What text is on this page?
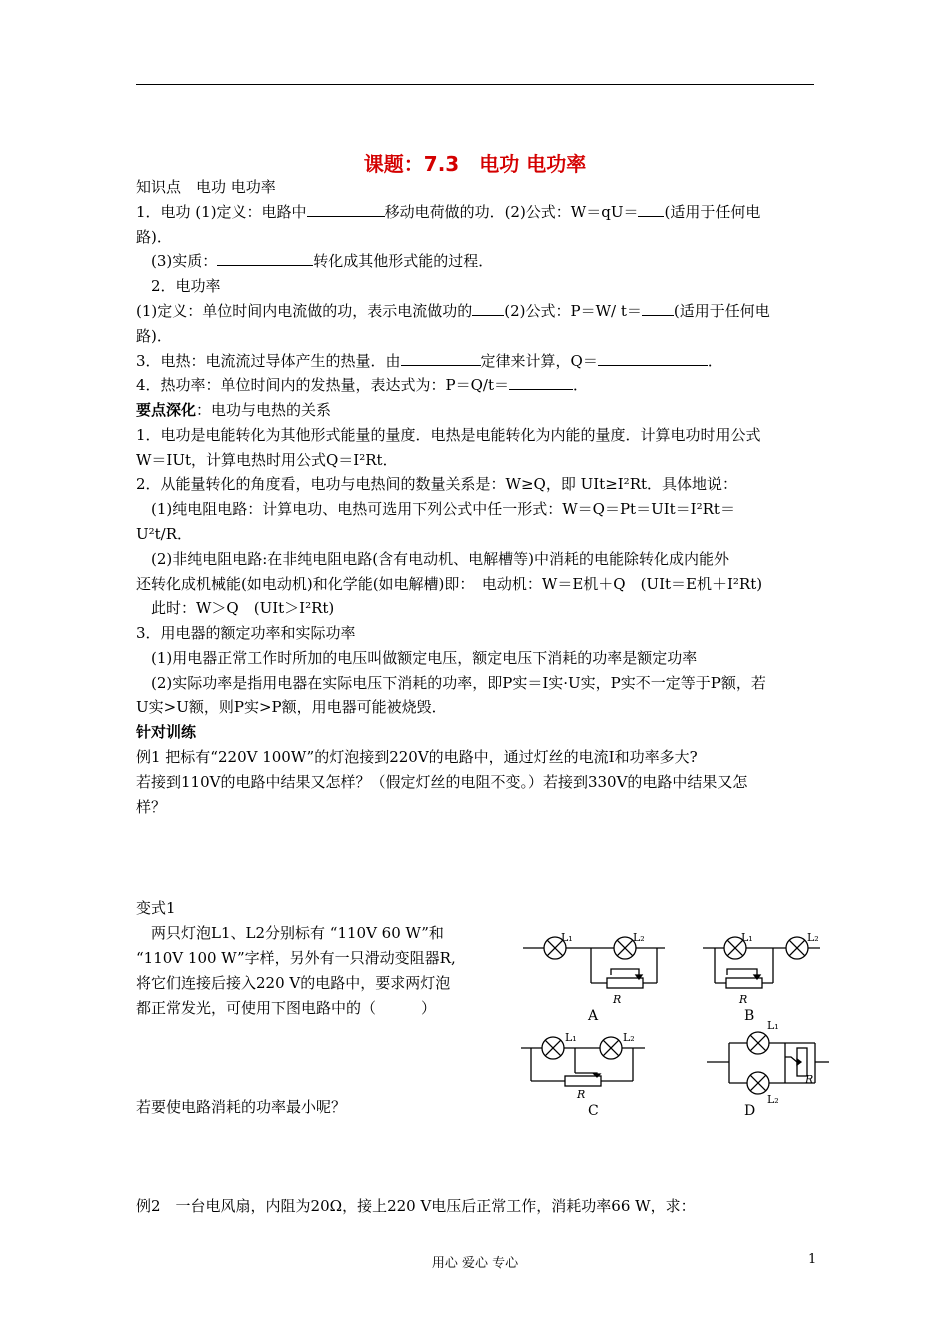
课题：7.3　电功 电功率
知识点　电功 电功率
1．电功 (1)定义：电路中	移动电荷做的功．(2)公式：W＝qU＝ (适用于任何电
路)．
　(3)实质：	转化成其他形式能的过程．
　2．电功率
(1)定义：单位时间内电流做的功，表示电流做功的 (2)公式：P＝W/ t＝ (适用于任何电
路)．
3．电热：电流流过导体产生的热量．由	定律来计算，Q＝	．
4．热功率：单位时间内的发热量，表达式为：P＝Q/t＝	．
要点深化：电功与电热的关系
1．电功是电能转化为其他形式能量的量度．电热是电能转化为内能的量度．计算电功时用公式
W＝IUt，计算电热时用公式Q＝I²Rt．
2．从能量转化的角度看，电功与电热间的数量关系是：W≥Q，即 UIt≥I²Rt．具体地说：
　(1)纯电阻电路：计算电功、电热可选用下列公式中任一形式：W＝Q＝Pt＝UIt＝I²Rt＝
U²t/R．
　(2)非纯电阻电路:在非纯电阻电路(含有电动机、电解槽等)中消耗的电能除转化成内能外
还转化成机械能(如电动机)和化学能(如电解槽)即：　电动机：W＝E机＋Q　(UIt＝E机＋I²Rt)
　此时：W＞Q　(UIt＞I²Rt)
3．用电器的额定功率和实际功率
　(1)用电器正常工作时所加的电压叫做额定电压，额定电压下消耗的功率是额定功率
　(2)实际功率是指用电器在实际电压下消耗的功率，即P实＝I实·U实，P实不一定等于P额，若
U实>U额，则P实>P额，用电器可能被烧毁．
针对训练
例1 把标有“220V 100W”的灯泡接到220V的电路中，通过灯丝的电流I和功率多大?
若接到110V的电路中结果又怎样？（假定灯丝的电阻不变。）若接到330V的电路中结果又怎
样？
变式1
　两只灯泡L1、L2分别标有 “110V 60 W”和
“110V 100 W”字样，另外有一只滑动变阻器R,
将它们连接后接入220 V的电路中，要求两灯泡
都正常发光，可使用下图电路中的（　　　）
若要使电路消耗的功率最小呢？
例2　一台电风扇，内阻为20Ω，接上220 V电压后正常工作，消耗功率66 W，求：
L₁	L₂
R
L₁	L₂
R
L₁	L₂
R
L₁
L₂
R
A	B
C	D
用心 爱心 专心	1
